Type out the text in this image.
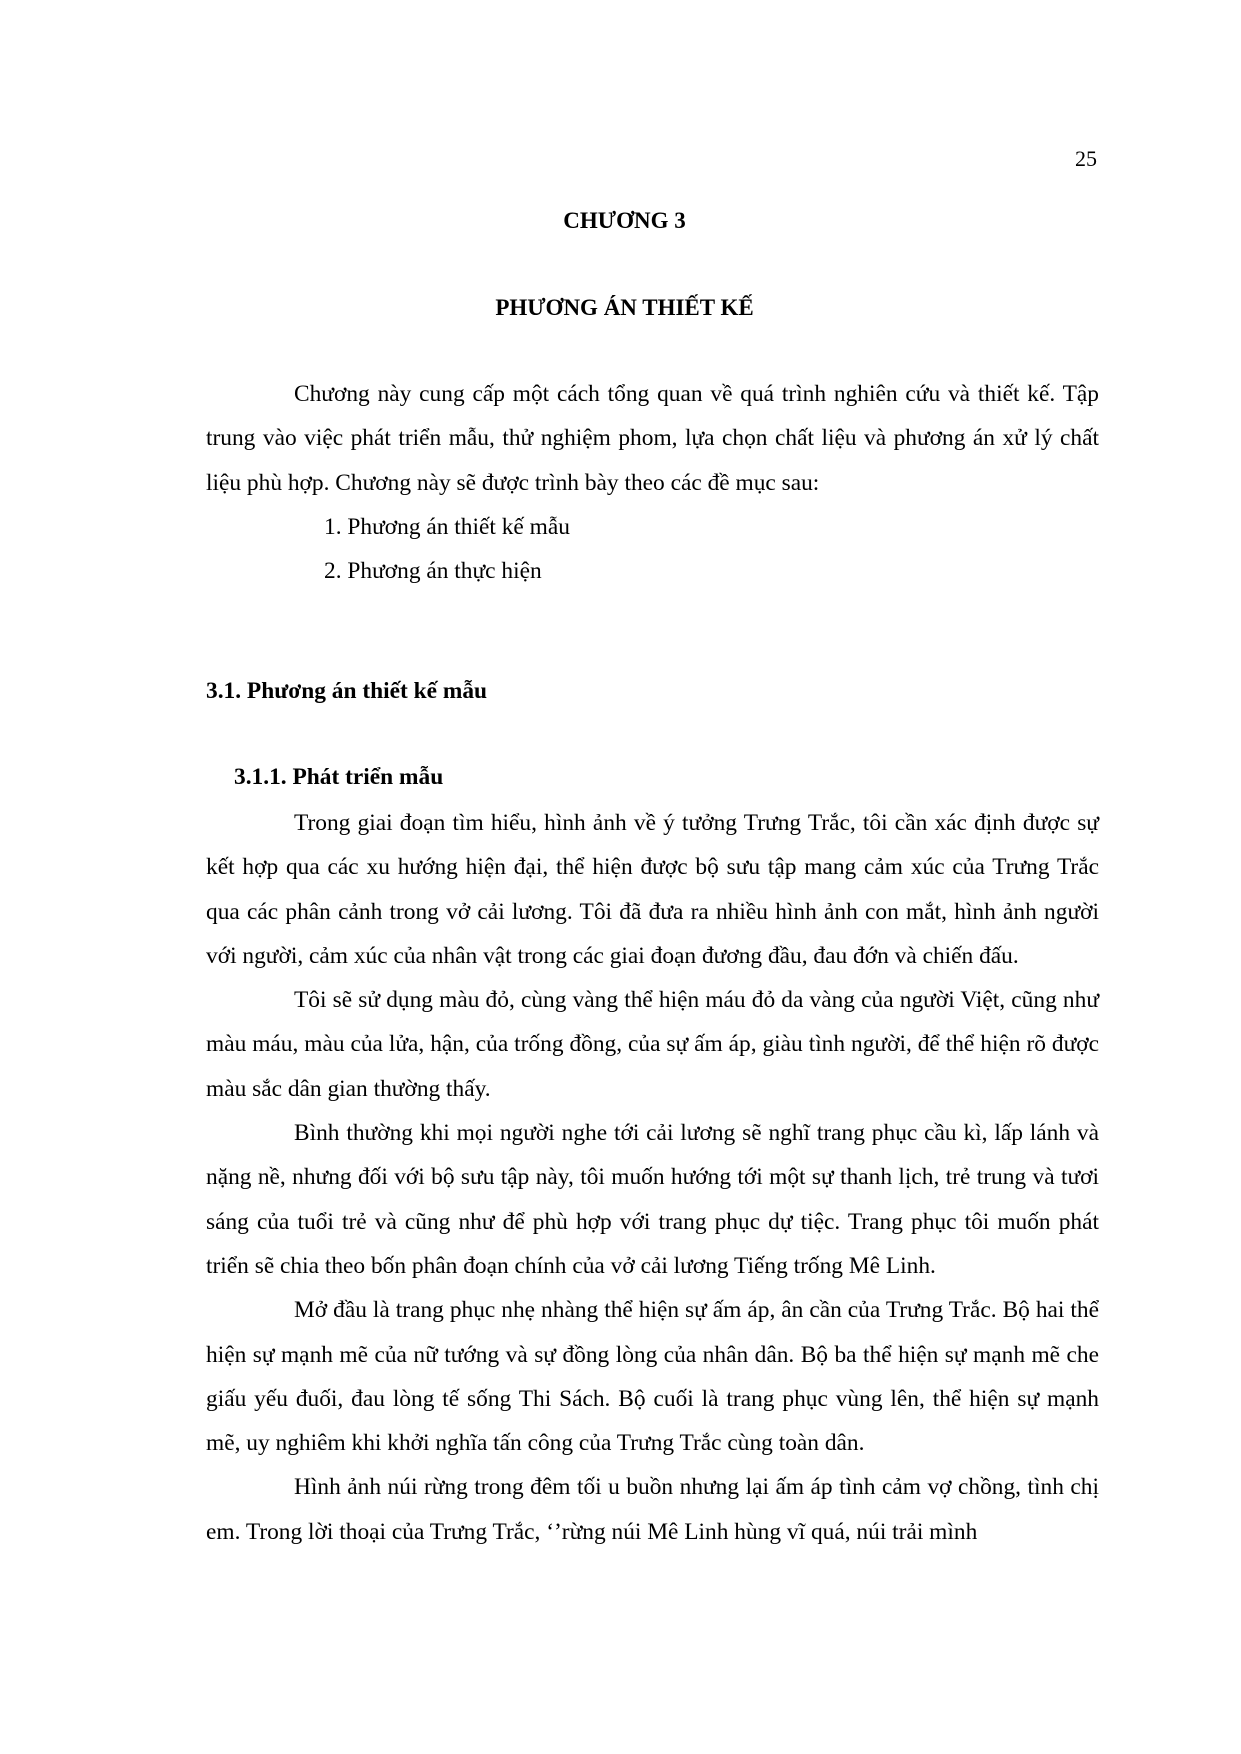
25
CHƯƠNG 3
PHƯƠNG ÁN THIẾT KẾ

Chương này cung cấp một cách tổng quan về quá trình nghiên cứu và thiết kế. Tập trung vào việc phát triển mẫu, thử nghiệm phom, lựa chọn chất liệu và phương án xử lý chất liệu phù hợp. Chương này sẽ được trình bày theo các đề mục sau:

1. Phương án thiết kế mẫu
2. Phương án thực hiện
3.1. Phương án thiết kế mẫu
3.1.1. Phát triển mẫu

Trong giai đoạn tìm hiểu, hình ảnh về ý tưởng Trưng Trắc, tôi cần xác định được sự kết hợp qua các xu hướng hiện đại, thể hiện được bộ sưu tập mang cảm xúc của Trưng Trắc qua các phân cảnh trong vở cải lương. Tôi đã đưa ra nhiều hình ảnh con mắt, hình ảnh người với người, cảm xúc của nhân vật trong các giai đoạn đương đầu, đau đớn và chiến đấu.

Tôi sẽ sử dụng màu đỏ, cùng vàng thể hiện máu đỏ da vàng của người Việt, cũng như màu máu, màu của lửa, hận, của trống đồng, của sự ấm áp, giàu tình người, để thể hiện rõ được màu sắc dân gian thường thấy.

Bình thường khi mọi người nghe tới cải lương sẽ nghĩ trang phục cầu kì, lấp lánh và nặng nề, nhưng đối với bộ sưu tập này, tôi muốn hướng tới một sự thanh lịch, trẻ trung và tươi sáng của tuổi trẻ và cũng như để phù hợp với trang phục dự tiệc. Trang phục tôi muốn phát triển sẽ chia theo bốn phân đoạn chính của vở cải lương Tiếng trống Mê Linh.

Mở đầu là trang phục nhẹ nhàng thể hiện sự ấm áp, ân cần của Trưng Trắc. Bộ hai thể hiện sự mạnh mẽ của nữ tướng và sự đồng lòng của nhân dân. Bộ ba thể hiện sự mạnh mẽ che giấu yếu đuối, đau lòng tế sống Thi Sách. Bộ cuối là trang phục vùng lên, thể hiện sự mạnh mẽ, uy nghiêm khi khởi nghĩa tấn công của Trưng Trắc cùng toàn dân.

Hình ảnh núi rừng trong đêm tối u buồn nhưng lại ấm áp tình cảm vợ chồng, tình chị em. Trong lời thoại của Trưng Trắc, ‘’rừng núi Mê Linh hùng vĩ quá, núi trải mình
